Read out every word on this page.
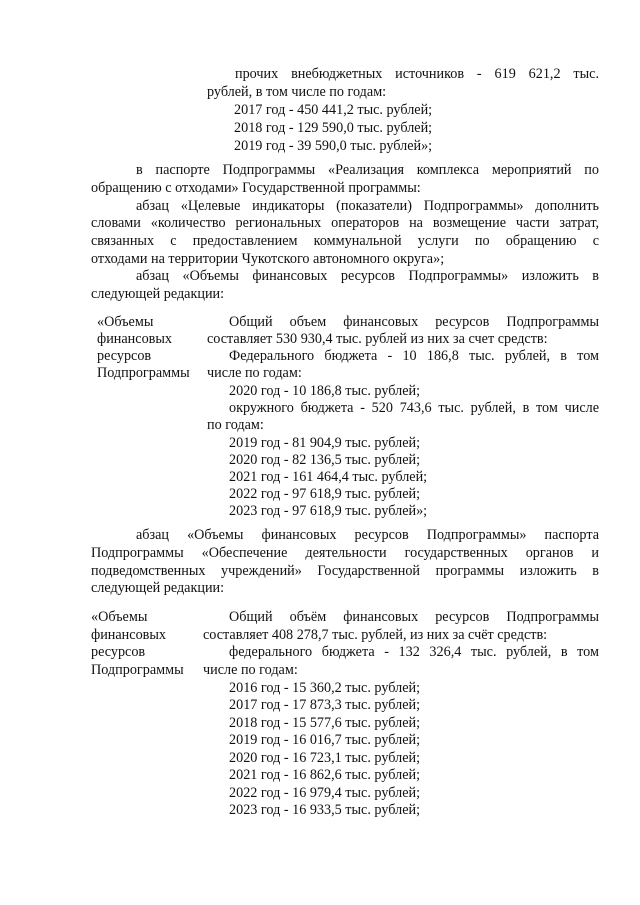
прочих внебюджетных источников - 619 621,2 тыс.
рублей, в том числе по годам:
2017 год - 450 441,2 тыс. рублей;
2018 год - 129 590,0 тыс. рублей;
2019 год - 39 590,0 тыс. рублей»;
в паспорте Подпрограммы «Реализация комплекса мероприятий по
обращению с отходами» Государственной программы:
абзац «Целевые индикаторы (показатели) Подпрограммы» дополнить
словами «количество региональных операторов на возмещение части затрат,
связанных с предоставлением коммунальной услуги по обращению с
отходами на территории Чукотского автономного округа»;
абзац «Объемы финансовых ресурсов Подпрограммы» изложить в
следующей редакции:
«Объемы
финансовых
ресурсов
Подпрограммы
Общий объем финансовых ресурсов Подпрограммы
составляет 530 930,4 тыс. рублей из них за счет средств:
Федерального бюджета - 10 186,8 тыс. рублей, в том
числе по годам:
2020 год - 10 186,8 тыс. рублей;
окружного бюджета - 520 743,6 тыс. рублей, в том числе
по годам:
2019 год - 81 904,9 тыс. рублей;
2020 год - 82 136,5 тыс. рублей;
2021 год - 161 464,4 тыс. рублей;
2022 год - 97 618,9 тыс. рублей;
2023 год - 97 618,9 тыс. рублей»;
абзац «Объемы финансовых ресурсов Подпрограммы» паспорта
Подпрограммы «Обеспечение деятельности государственных органов и
подведомственных учреждений» Государственной программы изложить в
следующей редакции:
«Объемы
финансовых
ресурсов
Подпрограммы
Общий объём финансовых ресурсов Подпрограммы
составляет 408 278,7 тыс. рублей, из них за счёт средств:
федерального бюджета - 132 326,4 тыс. рублей, в том
числе по годам:
2016 год - 15 360,2 тыс. рублей;
2017 год - 17 873,3 тыс. рублей;
2018 год - 15 577,6 тыс. рублей;
2019 год - 16 016,7 тыс. рублей;
2020 год - 16 723,1 тыс. рублей;
2021 год - 16 862,6 тыс. рублей;
2022 год - 16 979,4 тыс. рублей;
2023 год - 16 933,5 тыс. рублей;
